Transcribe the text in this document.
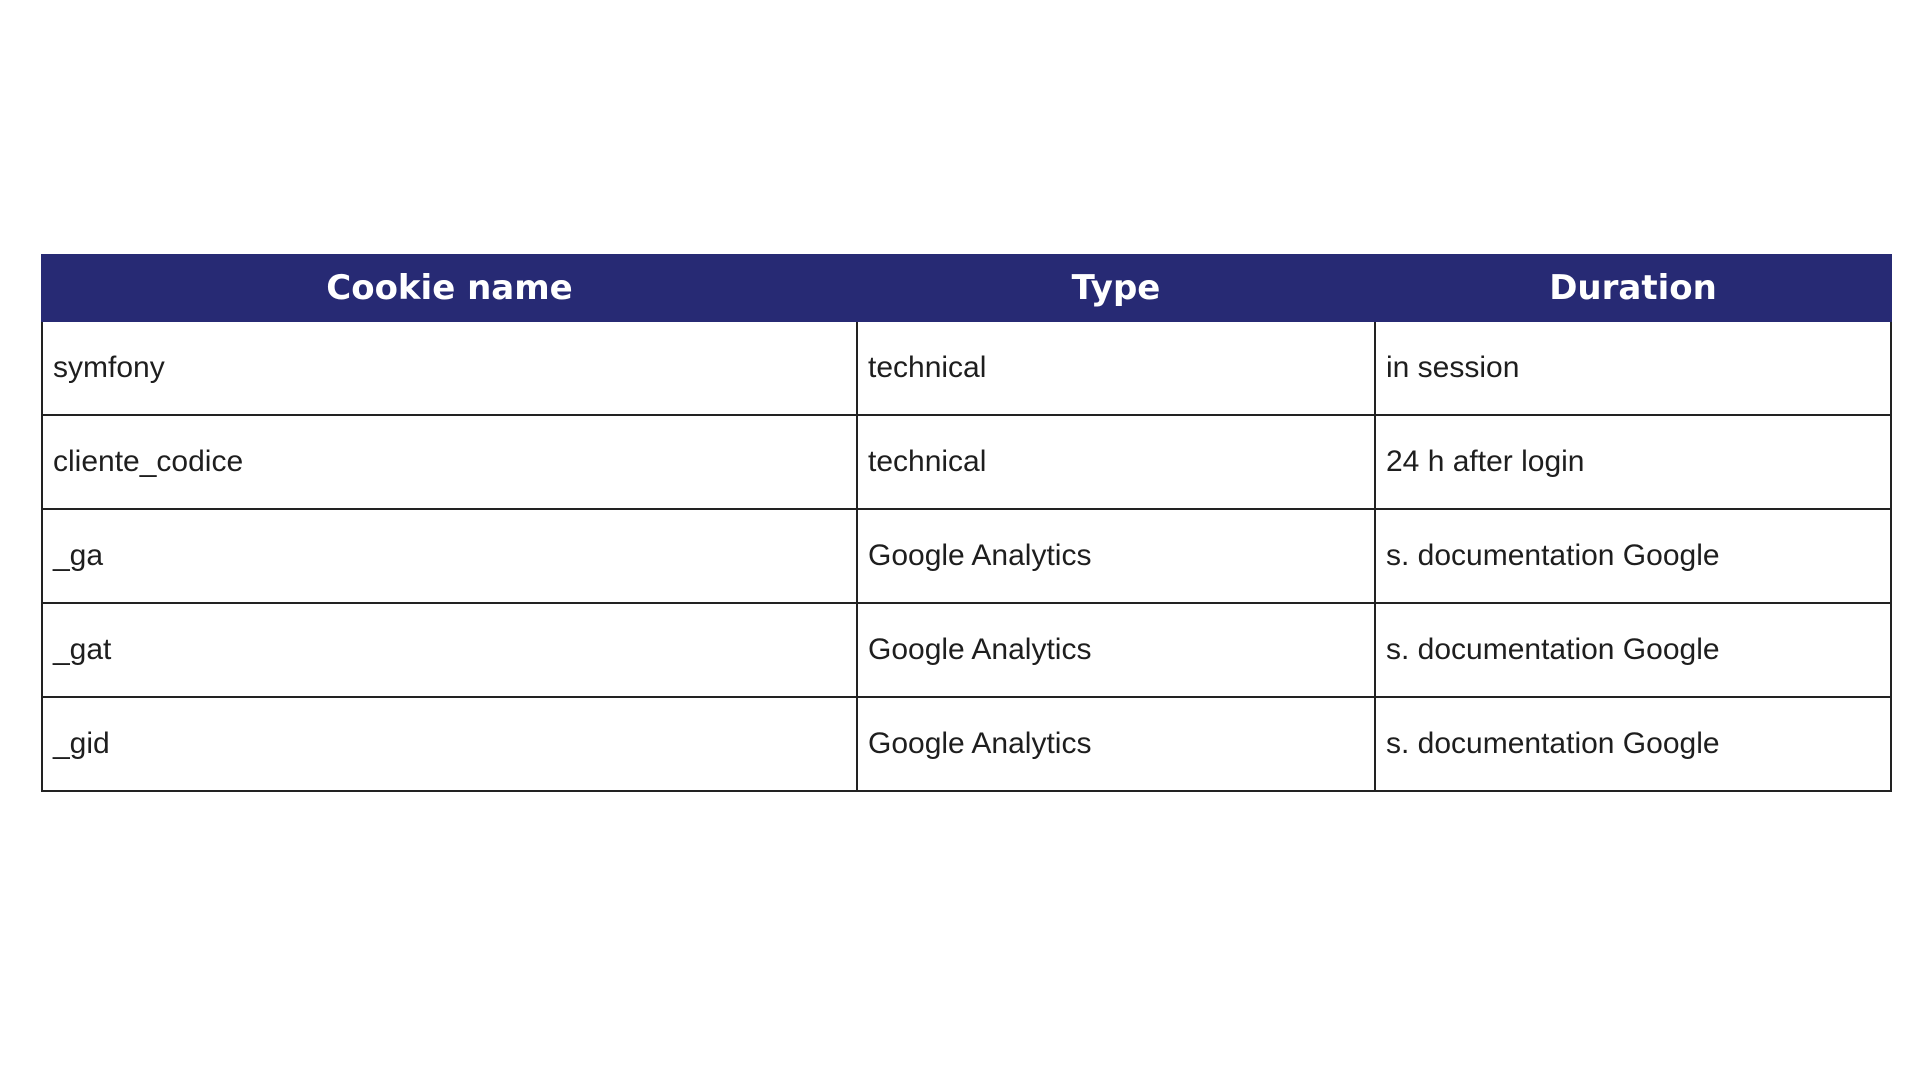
Cookie name	Type	Duration
symfony	technical	in session
cliente_codice	technical	24 h after login
_ga	Google Analytics	s. documentation Google
_gat	Google Analytics	s. documentation Google
_gid	Google Analytics	s. documentation Google
